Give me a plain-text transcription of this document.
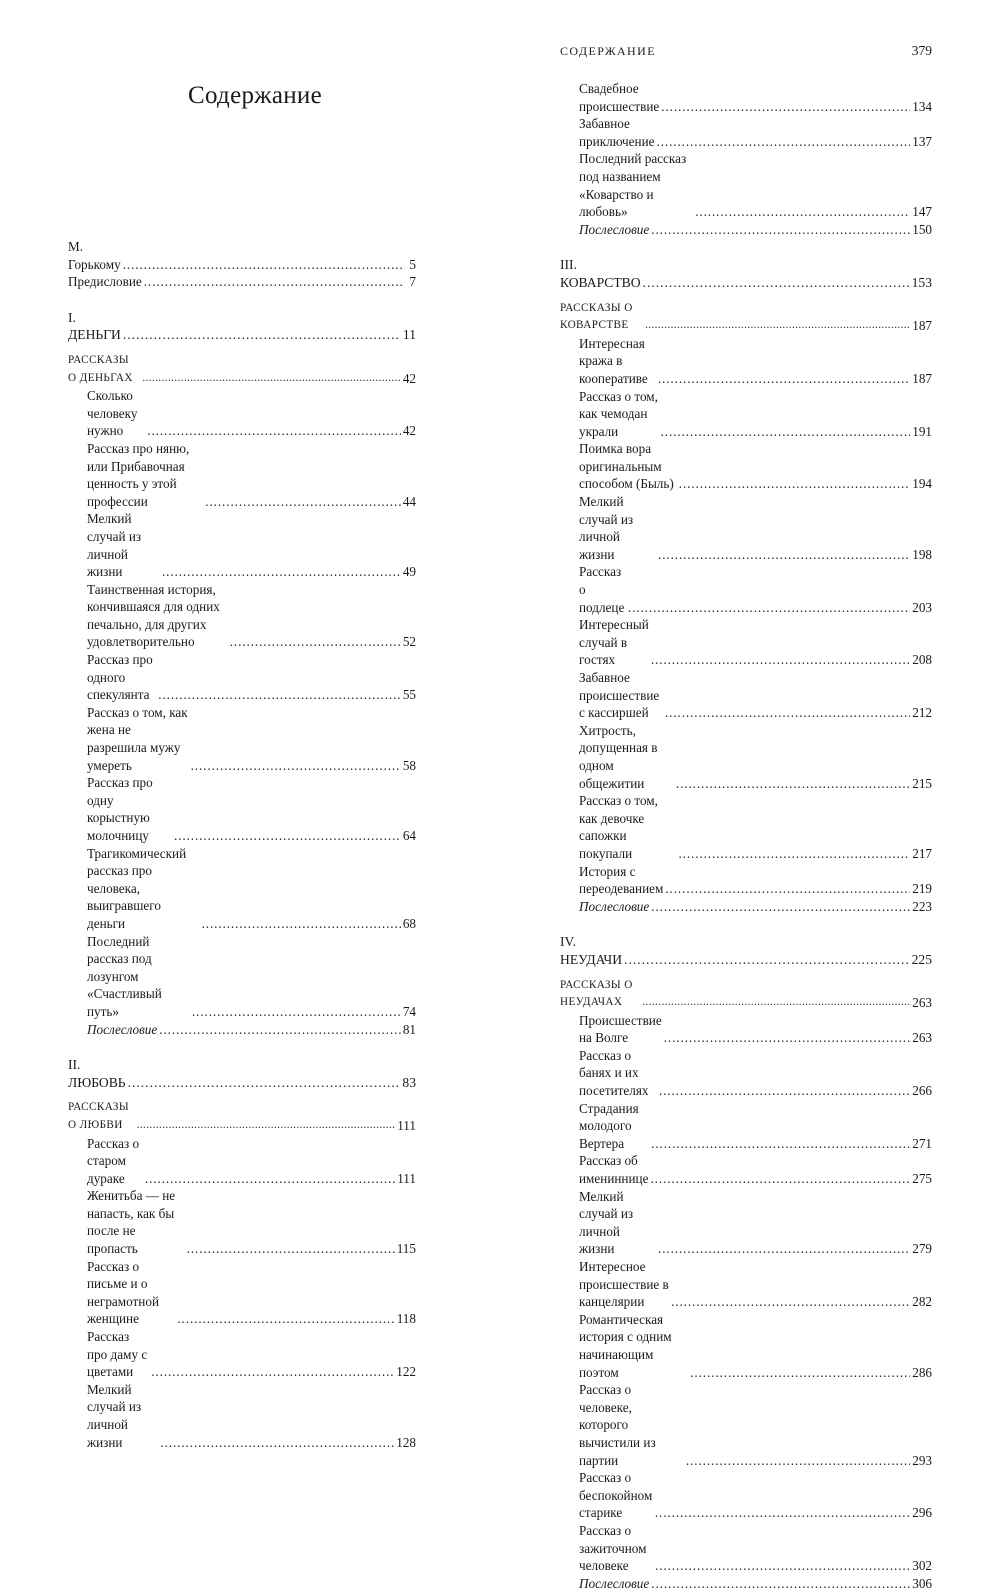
Содержание
М. Горькому . . .	5
Предисловие . . .	7
I. ДЕНЬГИ . . .	11
РАССКАЗЫ О ДЕНЬГАХ . . .	42
Сколько человеку нужно . . .	42
Рассказ про няню, или Прибавочная ценность у этой профессии . . .	44
Мелкий случай из личной жизни . . .	49
Таинственная история, кончившаяся для одних печально, для других удовлетворительно . . .	52
Рассказ про одного спекулянта . . .	55
Рассказ о том, как жена не разрешила мужу умереть . . .	58
Рассказ про одну корыстную молочницу . . .	64
Трагикомический рассказ про человека, выигравшего деньги . . .	68
Последний рассказ под лозунгом «Счастливый путь» . . .	74
Послесловие . . .	81
II. ЛЮБОВЬ . . .	83
РАССКАЗЫ О ЛЮБВИ . . .	111
Рассказ о старом дураке . . .	111
Женитьба — не напасть, как бы после не пропасть . . .	115
Рассказ о письме и о неграмотной женщине . . .	118
Рассказ про даму с цветами . . .	122
Мелкий случай из личной жизни . . .	128
СОДЕРЖАНИЕ	379
Свадебное происшествие . . .	134
Забавное приключение . . .	137
Последний рассказ под названием «Коварство и любовь» . . .	147
Послесловие . . .	150
III. КОВАРСТВО . . .	153
РАССКАЗЫ О КОВАРСТВЕ . . .	187
Интересная кража в кооперативе . . .	187
Рассказ о том, как чемодан украли . . .	191
Поимка вора оригинальным способом (Быль) . . .	194
Мелкий случай из личной жизни . . .	198
Рассказ о подлеце . . .	203
Интересный случай в гостях . . .	208
Забавное происшествие с кассиршей . . .	212
Хитрость, допущенная в одном общежитии . . .	215
Рассказ о том, как девочке сапожки покупали . . .	217
История с переодеванием . . .	219
Послесловие . . .	223
IV. НЕУДАЧИ . . .	225
РАССКАЗЫ О НЕУДАЧАХ . . .	263
Происшествие на Волге . . .	263
Рассказ о банях и их посетителях . . .	266
Страдания молодого Вертера . . .	271
Рассказ об имениннице . . .	275
Мелкий случай из личной жизни . . .	279
Интересное происшествие в канцелярии . . .	282
Романтическая история с одним начинающим поэтом . . .	286
Рассказ о человеке, которого вычистили из партии . . .	293
Рассказ о беспокойном старике . . .	296
Рассказ о зажиточном человеке . . .	302
Послесловие . . .	306
